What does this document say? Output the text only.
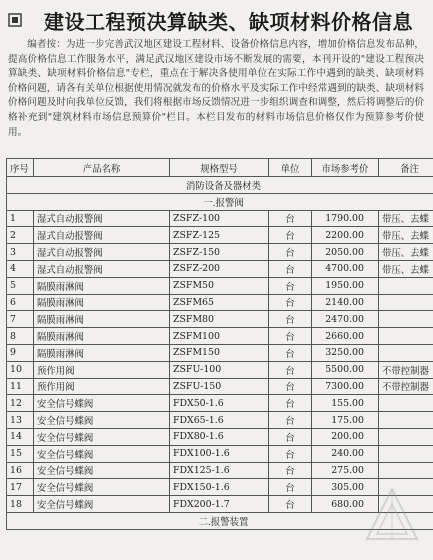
建设工程预决算缺类、缺项材料价格信息
编者按：为进一步完善武汉地区建设工程材料、设备价格信息内容，增加价格信息发布品种，提高价格信息工作服务水平，满足武汉地区建设市场不断发展的需要，本刊开设的"建设工程预决算缺类、缺项材料价格信息"专栏，重点在于解决各使用单位在实际工作中遇到的缺类、缺项材料价格问题，请各有关单位根据使用情况就发布的价格水平及实际工作中经常遇到的缺类、缺项材料价格问题及时向我单位反馈，我们将根据市场反馈情况进一步组织调查和调整，然后将调整后的价格补充到"建筑材料市场信息预算价"栏目。本栏目发布的材料市场信息价格仅作为预算参考价使用。
序号	产品名称	规格型号	单位	市场参考价	备注
消防设备及器材类					
一.报警阀					
1	湿式自动报警阀	ZSFZ-100	台	1790.00	带压、去蝶
2	湿式自动报警阀	ZSFZ-125	台	2200.00	带压、去蝶
3	湿式自动报警阀	ZSFZ-150	台	2050.00	带压、去蝶
4	湿式自动报警阀	ZSFZ-200	台	4700.00	带压、去蝶
5	隔膜雨淋阀	ZSFM50	台	1950.00	
6	隔膜雨淋阀	ZSFM65	台	2140.00	
7	隔膜雨淋阀	ZSFM80	台	2470.00	
8	隔膜雨淋阀	ZSFM100	台	2660.00	
9	隔膜雨淋阀	ZSFM150	台	3250.00	
10	预作用阀	ZSFU-100	台	5500.00	不带控制器
11	预作用阀	ZSFU-150	台	7300.00	不带控制器
12	安全信号蝶阀	FDX50-1.6	台	155.00	
13	安全信号蝶阀	FDX65-1.6	台	175.00	
14	安全信号蝶阀	FDX80-1.6	台	200.00	
15	安全信号蝶阀	FDX100-1.6	台	240.00	
16	安全信号蝶阀	FDX125-1.6	台	275.00	
17	安全信号蝶阀	FDX150-1.6	台	305.00	
18	安全信号蝶阀	FDX200-1.7	台	680.00	
二.报警装置					
